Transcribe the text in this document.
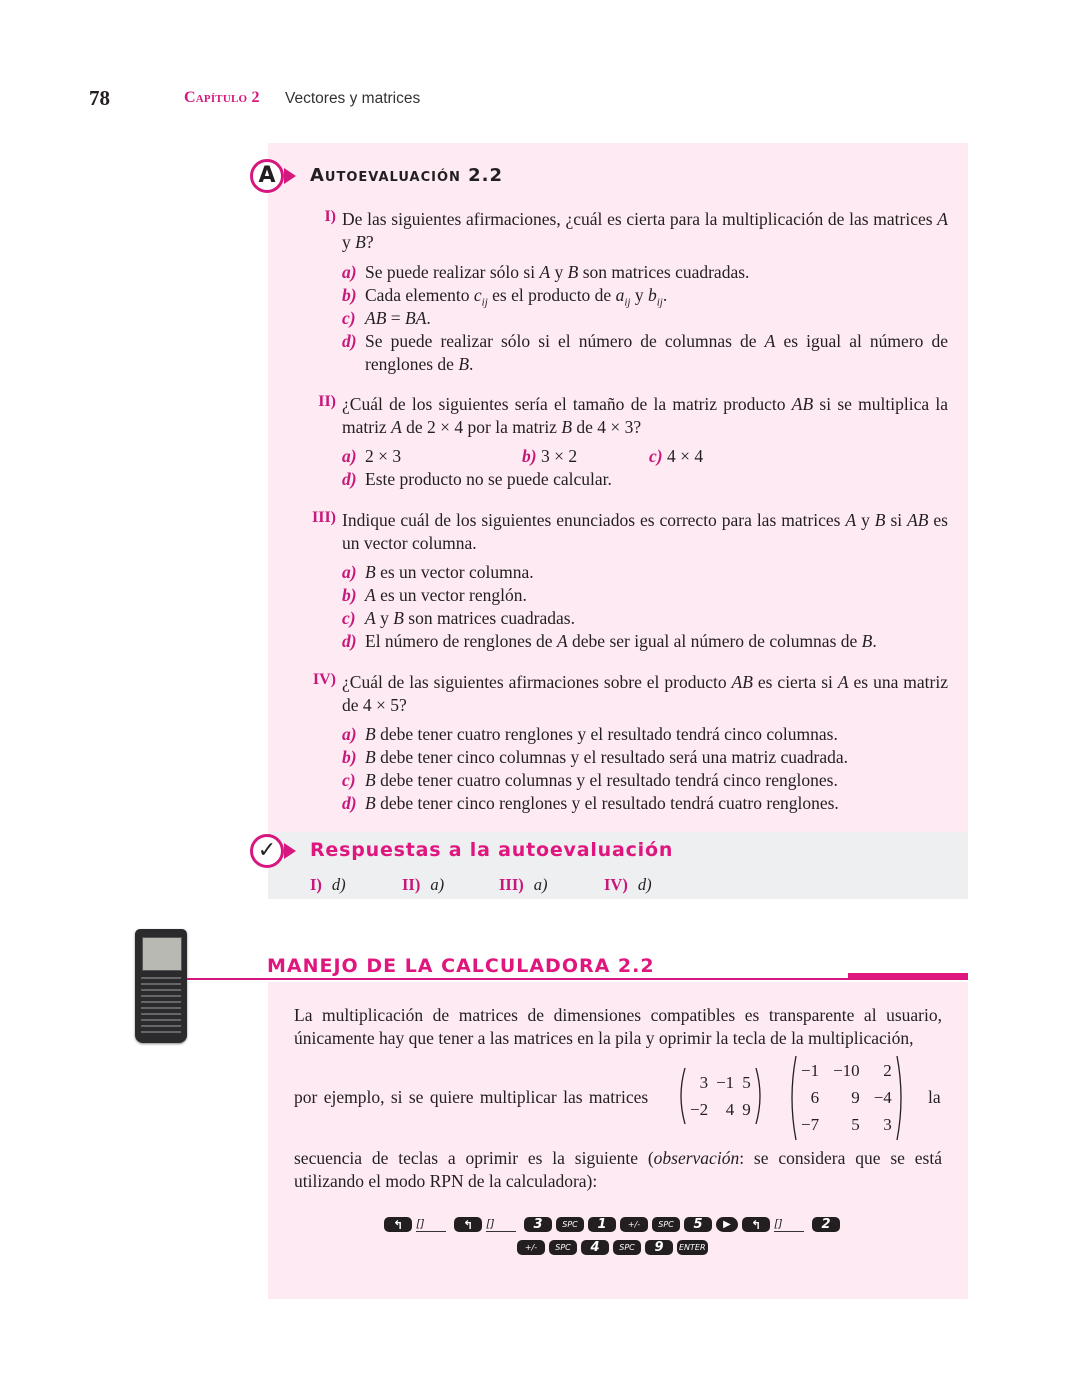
78	Capítulo 2 Vectores y matrices
A Autoevaluación 2.2
I) De las siguientes afirmaciones, ¿cuál es cierta para la multiplicación de las matrices A y B?
a) Se puede realizar sólo si A y B son matrices cuadradas.
b) Cada elemento $c_{ij}$ es el producto de $a_{ij}$ y $b_{ij}$.
c) AB = BA.
d) Se puede realizar sólo si el número de columnas de A es igual al número de renglones de B.
II) ¿Cuál de los siguientes sería el tamaño de la matriz producto AB si se multiplica la matriz A de 2 × 4 por la matriz B de 4 × 3?
a) 2 × 3	b) 3 × 2	c) 4 × 4
d) Este producto no se puede calcular.
III) Indique cuál de los siguientes enunciados es correcto para las matrices A y B si AB es un vector columna.
a) B es un vector columna.
b) A es un vector renglón.
c) A y B son matrices cuadradas.
d) El número de renglones de A debe ser igual al número de columnas de B.
IV) ¿Cuál de las siguientes afirmaciones sobre el producto AB es cierta si A es una matriz de 4 × 5?
a) B debe tener cuatro renglones y el resultado tendrá cinco columnas.
b) B debe tener cinco columnas y el resultado será una matriz cuadrada.
c) B debe tener cuatro columnas y el resultado tendrá cinco renglones.
d) B debe tener cinco renglones y el resultado tendrá cuatro renglones.
✓ Respuestas a la autoevaluación
I) d)	II) a)	III) a)	IV) d)
MANEJO DE LA CALCULADORA 2.2
La multiplicación de matrices de dimensiones compatibles es transparente al usuario, únicamente hay que tener a las matrices en la pila y oprimir la tecla de la multiplicación,
por ejemplo, si se quiere multiplicar las matrices
3	−1	5
−2	4	9
−1	−10	2
6	9	−4
−7	5	3
la
secuencia de teclas a oprimir es la siguiente (observación: se considera que se está utilizando el modo RPN de la calculadora):
↰	[]	↰	[]	3	SPC	1	+/-	SPC	5	▶	↰	[]	2
+/-	SPC	4	SPC	9	ENTER
